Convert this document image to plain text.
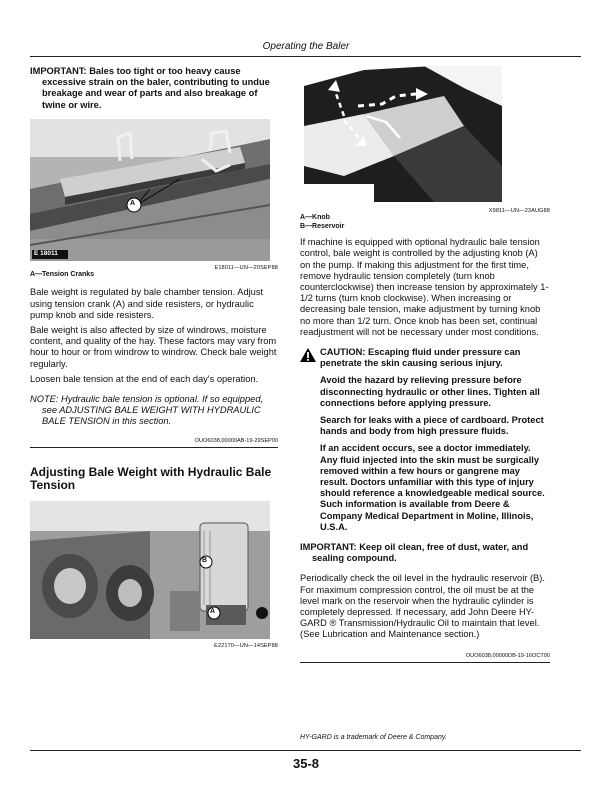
Operating the Baler
IMPORTANT: Bales too tight or too heavy cause excessive strain on the baler, contributing to undue breakage and wear of parts and also breakage of twine or wire.
A
E 18011
E18011—UN—20SEP88
A—Tension Cranks

Bale weight is regulated by bale chamber tension. Adjust using tension crank (A) and side resisters, or hydraulic pump knob and side resisters.

Bale weight is also affected by size of windrows, moisture content, and quality of the hay. These factors may vary from hour to hour or from windrow to windrow. Check bale weight regularly.

Loosen bale tension at the end of each day's operation.

NOTE: Hydraulic bale tension is optional. If so equipped, see ADJUSTING BALE WEIGHT WITH HYDRAULIC BALE TENSION in this section.

OUO6038,00000AB-19-29SEP00
Adjusting Bale Weight with Hydraulic Bale Tension
B
A
E22170—UN—14SEP88
X9811—UN—23AUG88
A—Knob
B—Reservoir

If machine is equipped with optional hydraulic bale tension control, bale weight is controlled by the adjusting knob (A) on the pump. If making this adjustment for the first time, remove hydraulic tension completely (turn knob counterclockwise) then increase tension by approximately 1-1/2 turns (turn knob clockwise). When increasing or decreasing bale tension, make adjustment by turning knob no more than 1/2 turn. Once knob has been set, continual readjustment will not be necessary under most conditions.

CAUTION: Escaping fluid under pressure can penetrate the skin causing serious injury.

Avoid the hazard by relieving pressure before disconnecting hydraulic or other lines. Tighten all connections before applying pressure.

Search for leaks with a piece of cardboard. Protect hands and body from high pressure fluids.

If an accident occurs, see a doctor immediately. Any fluid injected into the skin must be surgically removed within a few hours or gangrene may result. Doctors unfamiliar with this type of injury should reference a knowledgeable medical source. Such information is available from Deere & Company Medical Department in Moline, Illinois, U.S.A.

IMPORTANT: Keep oil clean, free of dust, water, and sealing compound.

Periodically check the oil level in the hydraulic reservoir (B). For maximum compression control, the oil must be at the level mark on the reservoir when the hydraulic cylinder is completely depressed. If necessary, add John Deere HY-GARD ® Transmission/Hydraulic Oil to maintain that level. (See Lubrication and Maintenance section.)

OUO6038,00000DB-19-16OCT00
HY-GARD is a trademark of Deere & Company.
35-8
